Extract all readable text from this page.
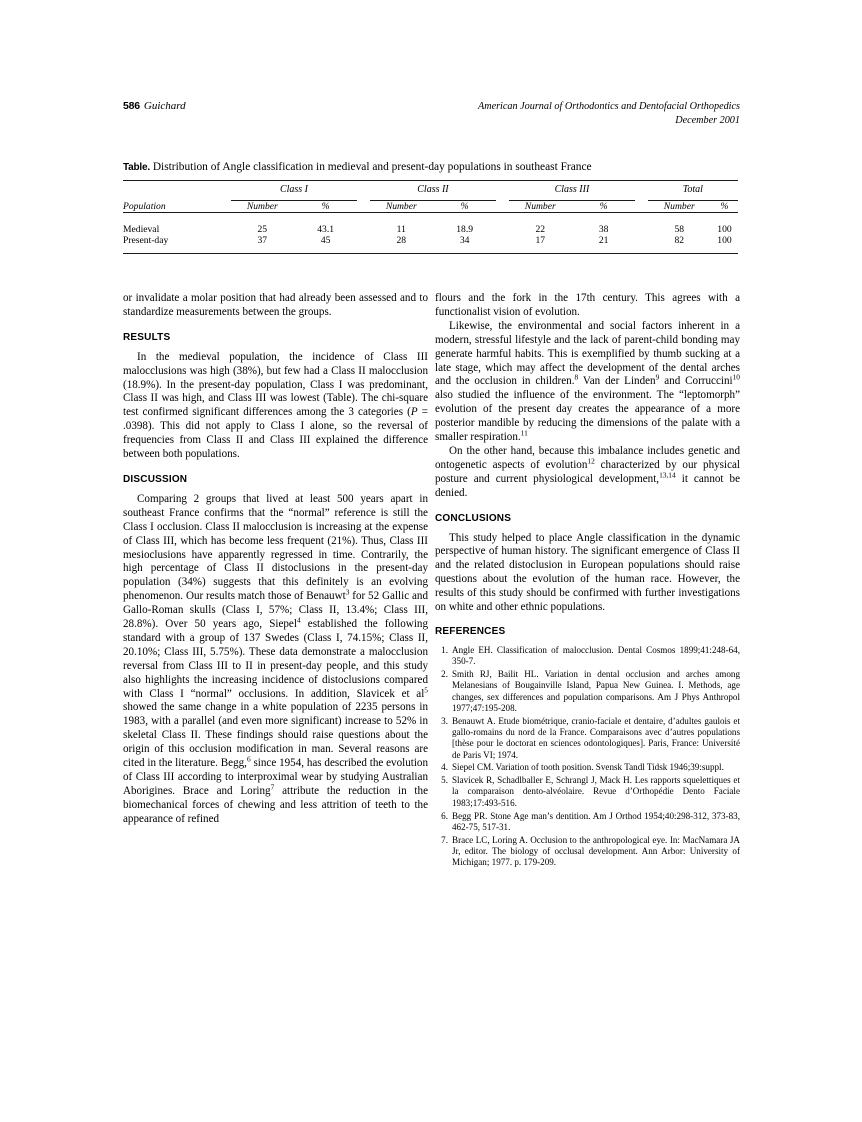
586 Guichard	American Journal of Orthodontics and Dentofacial Orthopedics
December 2001
Table. Distribution of Angle classification in medieval and present-day populations in southeast France

	Class I			Class II			Class III			Total	

Population	Number	%		Number	%		Number	%		Number	%

Medieval	25	43.1		11	18.9		22	38		58	100
Present-day	37	45		28	34		17	21		82	100

or invalidate a molar position that had already been assessed and to standardize measurements between the groups.

RESULTS

In the medieval population, the incidence of Class III malocclusions was high (38%), but few had a Class II malocclusion (18.9%). In the present-day population, Class I was predominant, Class II was high, and Class III was lowest (Table). The chi-square test confirmed significant differences among the 3 categories (P = .0398). This did not apply to Class I alone, so the reversal of frequencies from Class II and Class III explained the difference between both populations.

DISCUSSION

Comparing 2 groups that lived at least 500 years apart in southeast France confirms that the “normal” reference is still the Class I occlusion. Class II malocclusion is increasing at the expense of Class III, which has become less frequent (21%). Thus, Class III mesioclusions have apparently regressed in time. Contrarily, the high percentage of Class II distoclusions in the present-day population (34%) suggests that this definitely is an evolving phenomenon. Our results match those of Benauwt$^3$ for 52 Gallic and Gallo-Roman skulls (Class I, 57%; Class II, 13.4%; Class III, 28.8%). Over 50 years ago, Siepel$^4$ established the following standard with a group of 137 Swedes (Class I, 74.15%; Class II, 20.10%; Class III, 5.75%). These data demonstrate a malocclusion reversal from Class III to II in present-day people, and this study also highlights the increasing incidence of distoclusions compared with Class I “normal” occlusions. In addition, Slavicek et $al^5$ showed the same change in a white population of 2235 persons in 1983, with a parallel (and even more significant) increase to 52% in skeletal Class II. These findings should raise questions about the origin of this occlusion modification in man. Several reasons are cited in the literature. Begg,$^6$ since 1954, has described the evolution of Class III according to interproximal wear by studying Australian Aborigines. Brace and Loring$^7$ attribute the reduction in the biomechanical forces of chewing and less attrition of teeth to the appearance of refined

flours and the fork in the 17th century. This agrees with a functionalist vision of evolution.

Likewise, the environmental and social factors inherent in a modern, stressful lifestyle and the lack of parent-child bonding may generate harmful habits. This is exemplified by thumb sucking at a late stage, which may affect the development of the dental arches and the occlusion in children.$^8$ Van der Linden$^9$ and Corruccini$^{10}$ also studied the influence of the environment. The “leptomorph” evolution of the present day creates the appearance of a more posterior mandible by reducing the dimensions of the palate with a smaller respiration.$^{11}$

On the other hand, because this imbalance includes genetic and ontogenetic aspects of evolution$^{12}$ characterized by our physical posture and current physiological development,$^{13,14}$ it cannot be denied.

CONCLUSIONS

This study helped to place Angle classification in the dynamic perspective of human history. The significant emergence of Class II and the related distoclusion in European populations should raise questions about the evolution of the human race. However, the results of this study should be confirmed with further investigations on white and other ethnic populations.

REFERENCES
1. Angle EH. Classification of malocclusion. Dental Cosmos 1899;41:248-64, 350-7.
2. Smith RJ, Bailit HL. Variation in dental occlusion and arches among Melanesians of Bougainville Island, Papua New Guinea. I. Methods, age changes, sex differences and population comparisons. Am J Phys Anthropol 1977;47:195-208.
3. Benauwt A. Etude biométrique, cranio-faciale et dentaire, d’adultes gaulois et gallo-romains du nord de la France. Comparaisons avec d’autres populations [thèse pour le doctorat en sciences odontologiques]. Paris, France: Université de Paris VI; 1974.
4. Siepel CM. Variation of tooth position. Svensk Tandl Tidsk 1946;39:suppl.
5. Slavicek R, Schadlballer E, Schrangl J, Mack H. Les rapports squelettiques et la comparaison dento-alvéolaire. Revue d’Orthopédie Dento Faciale 1983;17:493-516.
6. Begg PR. Stone Age man’s dentition. Am J Orthod 1954;40:298-312, 373-83, 462-75, 517-31.
7. Brace LC, Loring A. Occlusion to the anthropological eye. In: MacNamara JA Jr, editor. The biology of occlusal development. Ann Arbor: University of Michigan; 1977. p. 179-209.
